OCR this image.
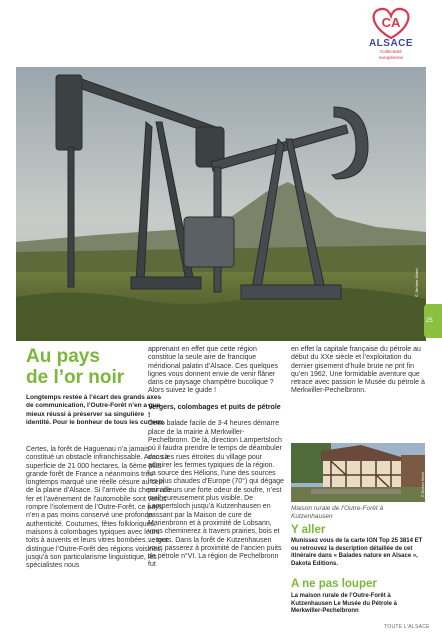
CA
ALSACE
Collectivité
européenne
© Jérôme Morel
25
Au pays
de l’or noir
Longtemps restée à l’écart des grands axes de communication, l’Outre-Forêt n’en a que mieux réussi à préserver sa singulière identité. Pour le bonheur de tous les curieux.
Certes, la forêt de Haguenau n’a jamais constitué un obstacle infranchissable. Avec sa superficie de 21 000 hectares, la 6ème plus grande forêt de France a néanmoins très longtemps marqué une réelle césure au sein de la plaine d’Alsace. Si l’arrivée du chemin de fer et l’avènement de l’automobile sont venus rompre l’isolement de l’Outre-Forêt, ce pays n’en a pas moins conservé une profonde authenticité. Coutumes, fêtes folkloriques, maisons à colombages typiques avec leurs toits à auvents et leurs vitres bombées…, tout distingue l’Outre-Forêt des régions voisines, jusqu’à son particularisme linguistique, les spécialistes nous

apprenant en effet que cette région constitue la seule aire de francique méridional palatin d’Alsace. Ces quelques lignes vous donnent envie de venir flâner dans ce paysage champêtre bucolique ? Alors suivez le guide !

Vergers, colombages et puits de pétrole !

Cette balade facile de 3-4 heures démarre place de la mairie à Merkwiller-Pechelbronn. De là, direction Lampertsloch où il faudra prendre le temps de déambuler dans les rues étroites du village pour admirer les fermes typiques de la région. La source des Hélions, l’une des sources les plus chaudes d’Europe (70°) qui dégage par ailleurs une forte odeur de soufre, n’est malheureusement plus visible. De Lampertsloch jusqu’à Kutzenhausen en passant par la Maison de cure de Marienbronn et à proximité de Lobsann, vous cheminerez à travers prairies, bois et vergers. Dans la forêt de Kutzenhausen vous passerez à proximité de l’ancien puits de pétrole n°VI. La région de Pechelbronn fut

en effet la capitale française du pétrole au début du XXe siècle et l’exploitation du dernier gisement d’huile brute ne prit fin qu’en 1962. Une formidable aventure que retrace avec passion le Musée du pétrole à Merkwiller-Pechelbronn.

© Jérôme Morel
Maison rurale de l’Outre-Forêt à Kutzenhausen
Y aller
Munissez vous de la carte IGN Top 25 3814 ET ou retrouvez la description détaillée de cet itinéraire dans « Balades nature en Alsace », Dakota Editions.
A ne pas louper
La maison rurale de l’Outre-Forêt à Kutzenhausen Le Musée du Pétrole à Merkwiller-Pechelbronn
TOUTE L’ALSACE
